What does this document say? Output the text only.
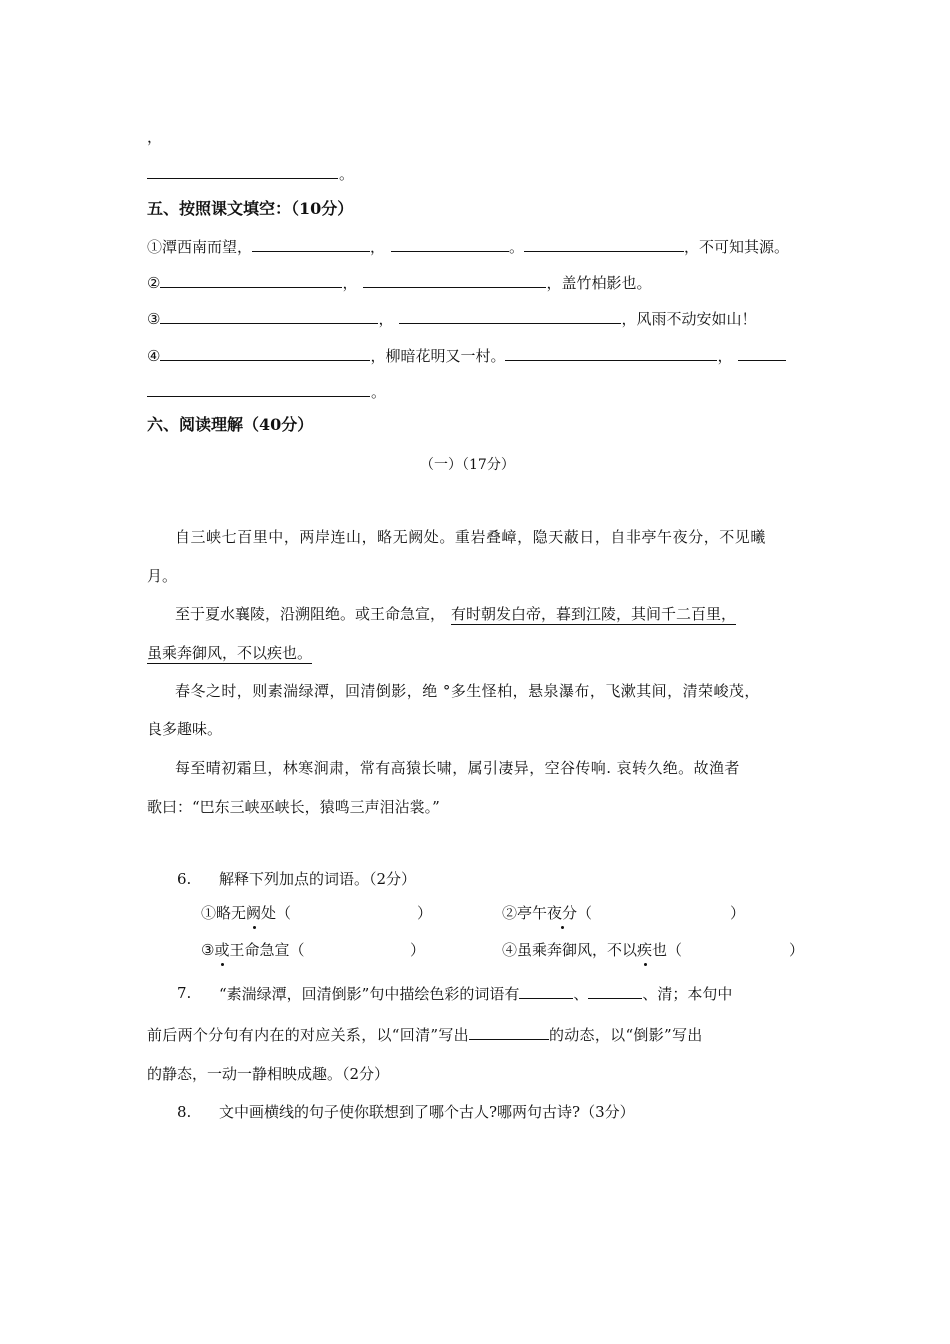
，
。
五、按照课文填空：（10分）
①潭西南而望，	，	。	，不可知其源。
②	，	，盖竹柏影也。
③	，	，风雨不动安如山！
④	，柳暗花明又一村。	，
。
六、阅读理解（40分）
（一）（17分）
自三峡七百里中，两岸连山，略无阙处。重岩叠嶂，隐天蔽日，自非亭午夜分，不见曦
月。
至于夏水襄陵，沿溯阻绝。或王命急宣， 有时朝发白帝，暮到江陵，其间千二百里，
虽乘奔御风，不以疾也。
春冬之时，则素湍绿潭，回清倒影，绝 °多生怪柏，悬泉瀑布，飞漱其间，清荣峻茂，
良多趣味。
每至晴初霜旦，林寒涧肃，常有高猿长啸，属引凄异，空谷传响. 哀转久绝。故渔者
歌曰：“巴东三峡巫峡长，猿鸣三声泪沾裳。”
6. 解释下列加点的词语。（2分）
①略无阙处（	）	②亭午夜分（	）
③或王命急宣（	）	④虽乘奔御风，不以疾也（	）
7. “素湍绿潭，回清倒影”句中描绘色彩的词语有	、	、清；本句中
前后两个分句有内在的对应关系，以“回清”写出	的动态，以“倒影”写出
的静态，一动一静相映成趣。（2分）
8. 文中画横线的句子使你联想到了哪个古人?哪两句古诗?（3分）
